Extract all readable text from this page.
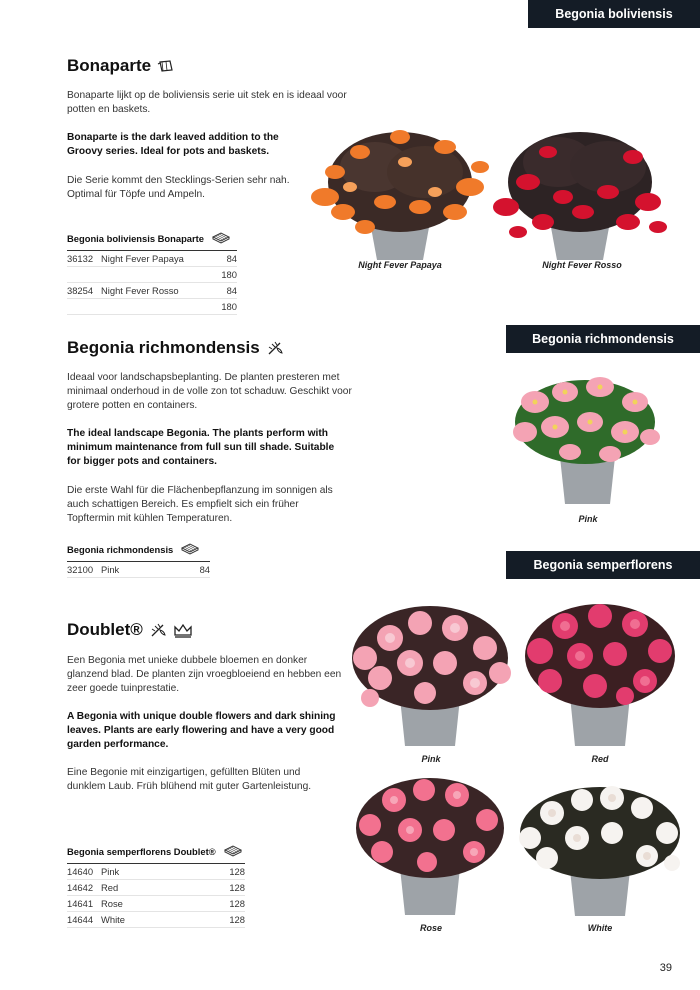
Begonia boliviensis
Begonia richmondensis
Begonia semperflorens
Bonaparte

Bonaparte lijkt op de boliviensis serie uit stek en is ideaal voor potten en baskets.

Bonaparte is the dark leaved addition to the Groovy series. Ideal for pots and baskets.

Die Serie kommt den Stecklings-Serien sehr nah. Optimal für Töpfe und Ampeln.

Begonia boliviensis Bonaparte
36132 Night Fever Papaya	84
180
38254 Night Fever Rosso	84
180
Night Fever Papaya	Night Fever Rosso
Begonia richmondensis

Ideaal voor landschapsbeplanting. De planten presteren met minimaal onderhoud in de volle zon tot schaduw. Geschikt voor grotere potten en containers.

The ideal landscape Begonia. The plants perform with minimum maintenance from full sun till shade. Suitable for bigger pots and containers.

Die erste Wahl für die Flächenbepflanzung im sonnigen als auch schattigen Bereich. Es empfielt sich ein früher Topftermin mit kühlen Temperaturen.

Begonia richmondensis
32100 Pink	84
Pink
Doublet®

Een Begonia met unieke dubbele bloemen en donker glanzend blad. De planten zijn vroegbloeiend en hebben een zeer goede tuinprestatie.

A Begonia with unique double flowers and dark shining leaves. Plants are early flowering and have a very good garden performance.

Eine Begonie mit einzigartigen, gefüllten Blüten und dunklem Laub. Früh blühend mit guter Gartenleistung.

Begonia semperflorens Doublet®
14640 Pink	128
14642 Red	128
14641 Rose	128
14644 White	128
Pink	Red
Rose	White
39
